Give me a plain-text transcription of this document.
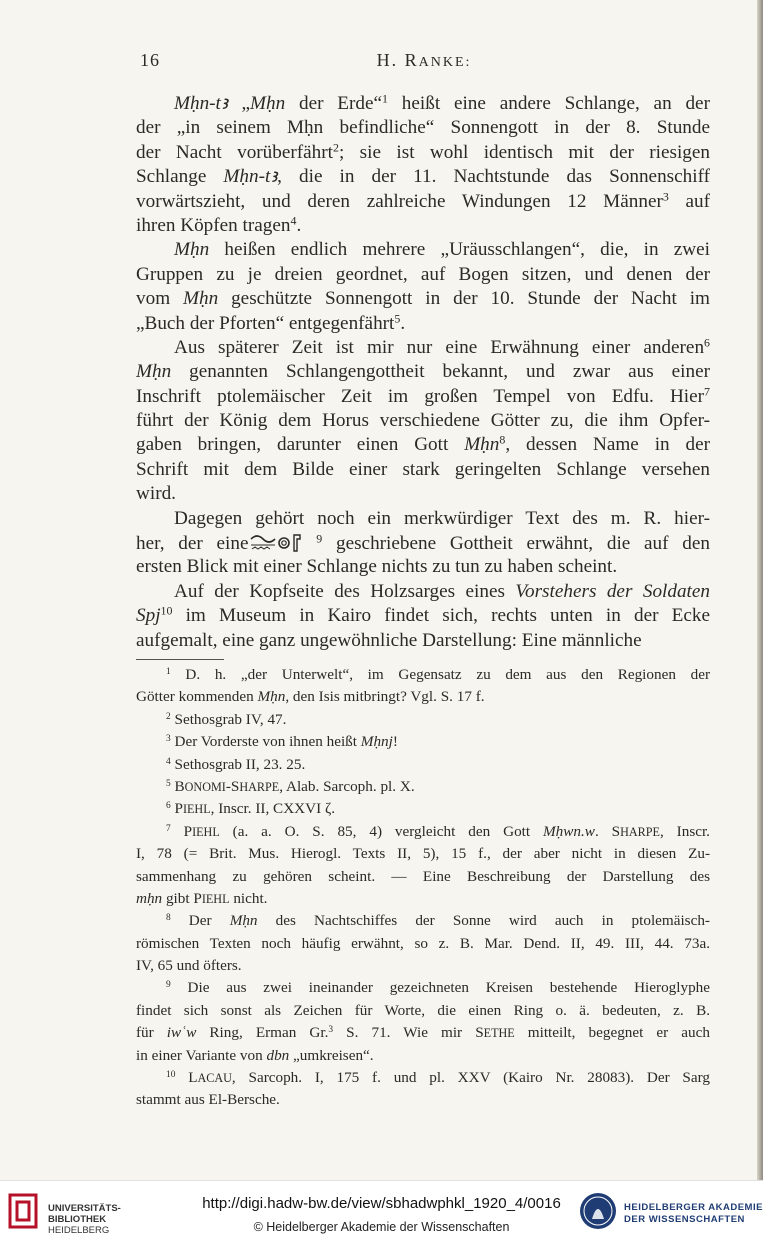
16	H. RANKE:
Mḥn-tꜣ „Mḥn der Erde“$^1$ heißt eine andere Schlange, an der
der „in seinem Mḥn befindliche“ Sonnengott in der 8. Stunde
der Nacht vorüberfährt$^2$; sie ist wohl identisch mit der riesigen
Schlange Mḥn-tꜣ, die in der 11. Nachtstunde das Sonnenschiff
vorwärtszieht, und deren zahlreiche Windungen 12 Männer$^3$ auf
ihren Köpfen tragen$^4$.
Mḥn heißen endlich mehrere „Uräusschlangen“, die, in zwei
Gruppen zu je dreien geordnet, auf Bogen sitzen, und denen der
vom Mḥn geschützte Sonnengott in der 10. Stunde der Nacht im
„Buch der Pforten“ entgegenfährt$^5$.
Aus späterer Zeit ist mir nur eine Erwähnung einer anderen$^6$
Mḥn genannten Schlangengottheit bekannt, und zwar aus einer
Inschrift ptolemäischer Zeit im großen Tempel von Edfu. Hier$^7$
führt der König dem Horus verschiedene Götter zu, die ihm Opfer-
gaben bringen, darunter einen Gott Mḥn$^8$, dessen Name in der
Schrift mit dem Bilde einer stark geringelten Schlange versehen
wird.
Dagegen gehört noch ein merkwürdiger Text des m. R. hier-
her, der eine	$^9$ geschriebene Gottheit erwähnt, die auf den
ersten Blick mit einer Schlange nichts zu tun zu haben scheint.
Auf der Kopfseite des Holzsarges eines Vorstehers der Soldaten
Spj$^{10}$ im Museum in Kairo findet sich, rechts unten in der Ecke
aufgemalt, eine ganz ungewöhnliche Darstellung: Eine männliche
$^1$ D. h. „der Unterwelt“, im Gegensatz zu dem aus den Regionen der
Götter kommenden Mḥn, den Isis mitbringt? Vgl. S. 17 f.
$^2$ Sethosgrab IV, 47.
$^3$ Der Vorderste von ihnen heißt Mḥnj!
$^4$ Sethosgrab II, 23. 25.
$^5$ BONOMI-SHARPE, Alab. Sarcoph. pl. X.
$^6$ PIEHL, Inscr. II, CXXVI ζ.
$^7$ PIEHL (a. a. O. S. 85, 4) vergleicht den Gott Mḥwn.w. SHARPE, Inscr.
I, 78 (= Brit. Mus. Hierogl. Texts II, 5), 15 f., der aber nicht in diesen Zu-
sammenhang zu gehören scheint. — Eine Beschreibung der Darstellung des
mḥn gibt PIEHL nicht.
$^8$ Der Mḥn des Nachtschiffes der Sonne wird auch in ptolemäisch-
römischen Texten noch häufig erwähnt, so z. B. Mar. Dend. II, 49. III, 44. 73a.
IV, 65 und öfters.
$^9$ Die aus zwei ineinander gezeichneten Kreisen bestehende Hieroglyphe
findet sich sonst als Zeichen für Worte, die einen Ring o. ä. bedeuten, z. B.
für iwʿw Ring, Erman Gr.$^3$ S. 71. Wie mir SETHE mitteilt, begegnet er auch
in einer Variante von dbn „umkreisen“.
$^{10}$ LACAU, Sarcoph. I, 175 f. und pl. XXV (Kairo Nr. 28083). Der Sarg
stammt aus El-Bersche.
UNIVERSITÄTS-
BIBLIOTHEK
HEIDELBERG
http://digi.hadw-bw.de/view/sbhadwphkl_1920_4/0016
© Heidelberger Akademie der Wissenschaften
HEIDELBERGER AKADEMIE
DER WISSENSCHAFTEN
